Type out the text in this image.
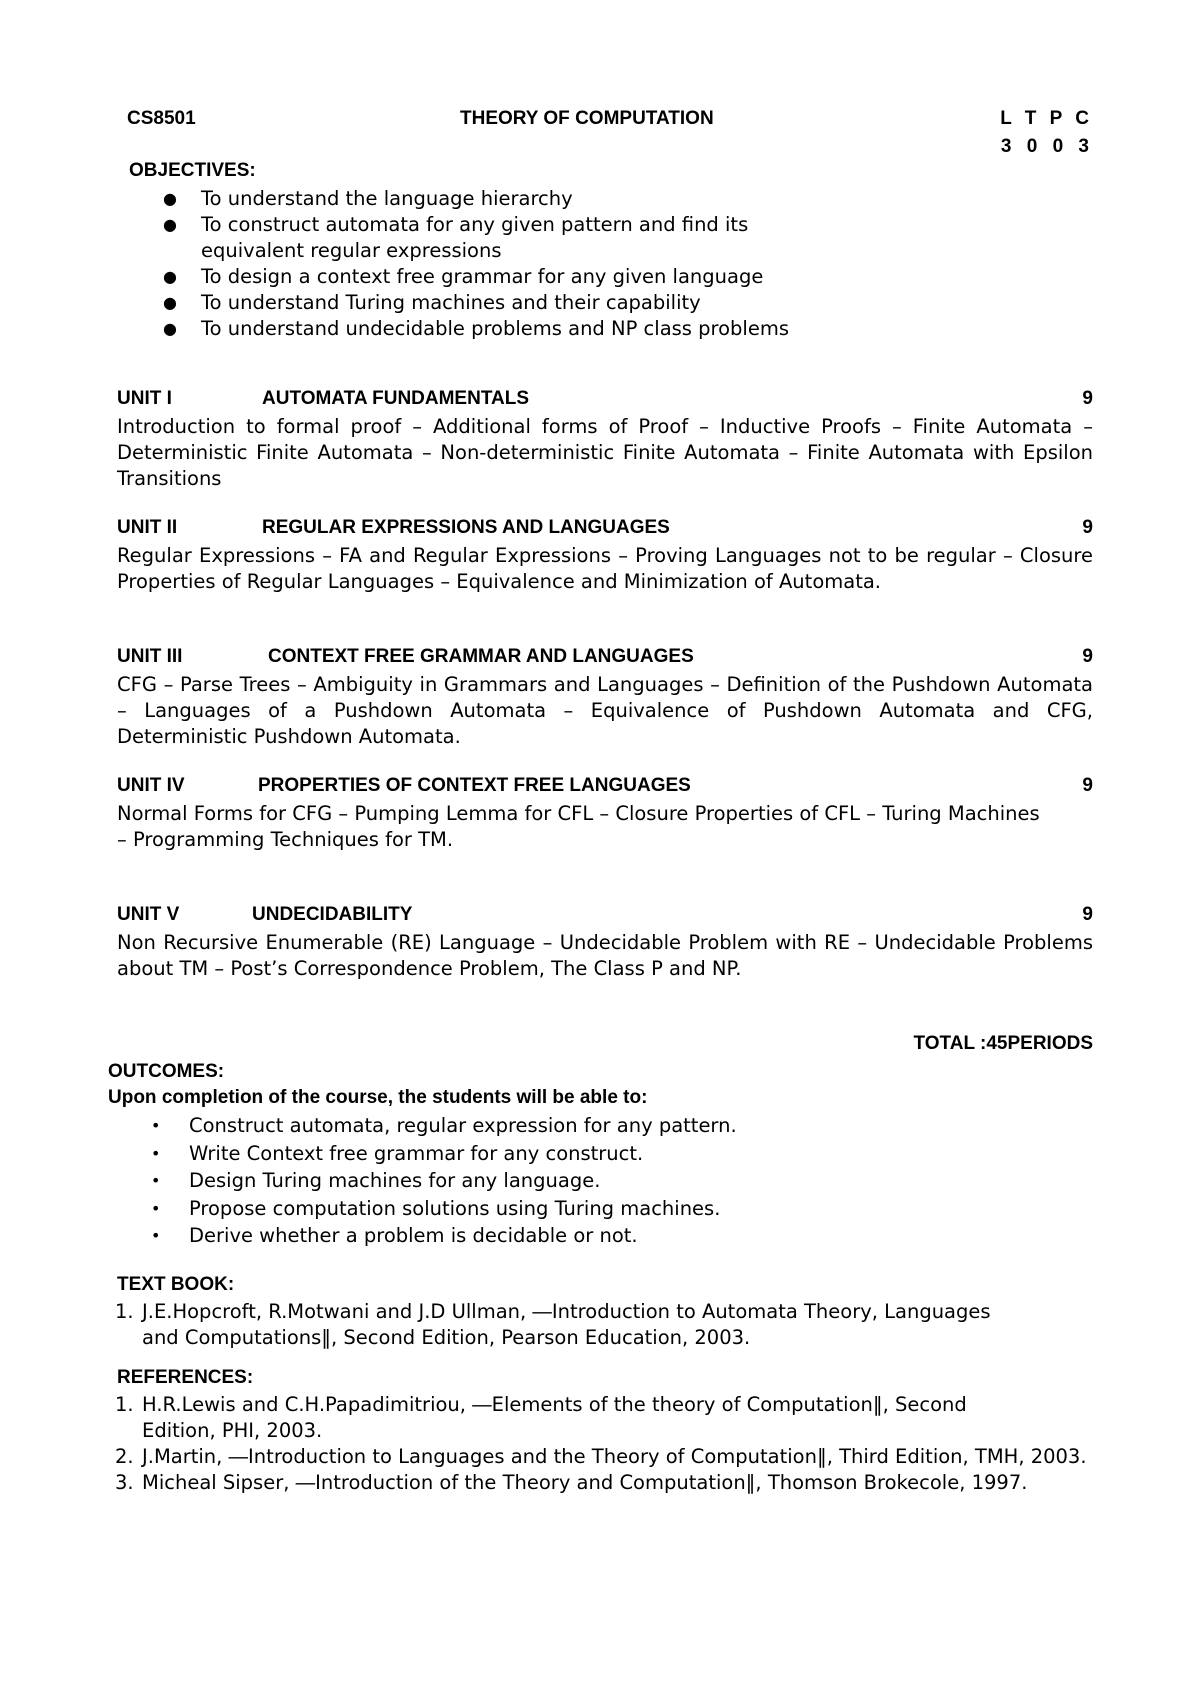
CS8501	THEORY OF COMPUTATION	L T P C
3 0 0 3
OBJECTIVES:
● To understand the language hierarchy
● To construct automata for any given pattern and find its equivalent regular expressions
● To design a context free grammar for any given language
● To understand Turing machines and their capability
● To understand undecidable problems and NP class problems
UNIT I	AUTOMATA FUNDAMENTALS	9
Introduction to formal proof – Additional forms of Proof – Inductive Proofs – Finite Automata – Deterministic Finite Automata – Non-deterministic Finite Automata – Finite Automata with Epsilon Transitions
UNIT II	REGULAR EXPRESSIONS AND LANGUAGES	9
Regular Expressions – FA and Regular Expressions – Proving Languages not to be regular – Closure Properties of Regular Languages – Equivalence and Minimization of Automata.
UNIT III	CONTEXT FREE GRAMMAR AND LANGUAGES	9
CFG – Parse Trees – Ambiguity in Grammars and Languages – Definition of the Pushdown Automata – Languages of a Pushdown Automata – Equivalence of Pushdown Automata and CFG, Deterministic Pushdown Automata.
UNIT IV	PROPERTIES OF CONTEXT FREE LANGUAGES	9
Normal Forms for CFG – Pumping Lemma for CFL – Closure Properties of CFL – Turing Machines
– Programming Techniques for TM.
UNIT V	UNDECIDABILITY	9
Non Recursive Enumerable (RE) Language – Undecidable Problem with RE – Undecidable Problems about TM – Post’s Correspondence Problem, The Class P and NP.
TOTAL :45PERIODS
OUTCOMES:
Upon completion of the course, the students will be able to:
• Construct automata, regular expression for any pattern.
• Write Context free grammar for any construct.
• Design Turing machines for any language.
• Propose computation solutions using Turing machines.
• Derive whether a problem is decidable or not.
TEXT BOOK:
1. J.E.Hopcroft, R.Motwani and J.D Ullman, ―Introduction to Automata Theory, Languages and Computations‖, Second Edition, Pearson Education, 2003.
REFERENCES:
1. H.R.Lewis and C.H.Papadimitriou, ―Elements of the theory of Computation‖, Second Edition, PHI, 2003.
2. J.Martin, ―Introduction to Languages and the Theory of Computation‖, Third Edition, TMH, 2003.
3. Micheal Sipser, ―Introduction of the Theory and Computation‖, Thomson Brokecole, 1997.
